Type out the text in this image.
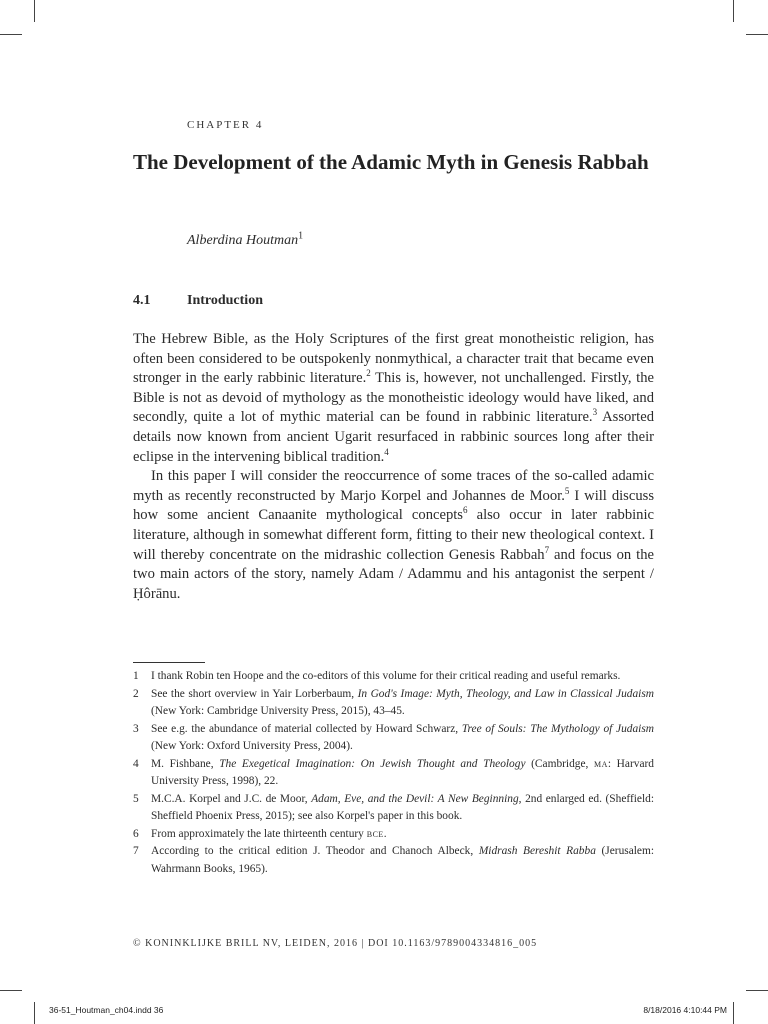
CHAPTER 4
The Development of the Adamic Myth in Genesis Rabbah
Alberdina Houtman$^1$
4.1	Introduction

The Hebrew Bible, as the Holy Scriptures of the first great monotheistic religion, has often been considered to be outspokenly nonmythical, a character trait that became even stronger in the early rabbinic literature.$^2$ This is, however, not unchallenged. Firstly, the Bible is not as devoid of mythology as the monotheistic ideology would have liked, and secondly, quite a lot of mythic material can be found in rabbinic literature.$^3$ Assorted details now known from ancient Ugarit resurfaced in rabbinic sources long after their eclipse in the intervening biblical tradition.$^4$

In this paper I will consider the reoccurrence of some traces of the so-called adamic myth as recently reconstructed by Marjo Korpel and Johannes de Moor.$^5$ I will discuss how some ancient Canaanite mythological concepts$^6$ also occur in later rabbinic literature, although in somewhat different form, fitting to their new theological context. I will thereby concentrate on the midrashic collection Genesis Rabbah$^7$ and focus on the two main actors of the story, namely Adam / Adammu and his antagonist the serpent / Ḥôrānu.

1 I thank Robin ten Hoope and the co-editors of this volume for their critical reading and useful remarks.
2 See the short overview in Yair Lorberbaum, In God's Image: Myth, Theology, and Law in Classical Judaism (New York: Cambridge University Press, 2015), 43–45.
3 See e.g. the abundance of material collected by Howard Schwarz, Tree of Souls: The Mythology of Judaism (New York: Oxford University Press, 2004).
4 M. Fishbane, The Exegetical Imagination: On Jewish Thought and Theology (Cambridge, ma: Harvard University Press, 1998), 22.
5 M.C.A. Korpel and J.C. de Moor, Adam, Eve, and the Devil: A New Beginning, 2nd enlarged ed. (Sheffield: Sheffield Phoenix Press, 2015); see also Korpel's paper in this book.
6 From approximately the late thirteenth century bce.
7 According to the critical edition J. Theodor and Chanoch Albeck, Midrash Bereshit Rabba (Jerusalem: Wahrmann Books, 1965).
© KONINKLIJKE BRILL NV, LEIDEN, 2016 | DOI 10.1163/9789004334816_005
36-51_Houtman_ch04.indd 36	8/18/2016 4:10:44 PM
